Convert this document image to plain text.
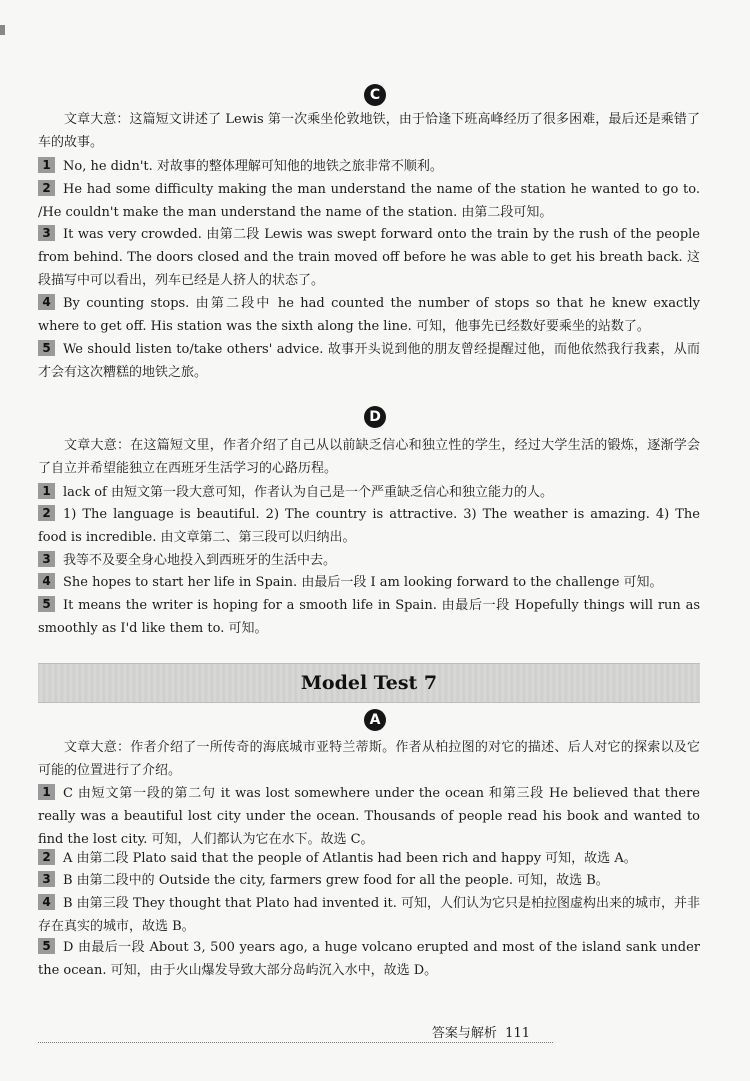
C
文章大意：这篇短文讲述了 Lewis 第一次乘坐伦敦地铁，由于恰逢下班高峰经历了很多困难，最后还是乘错了车的故事。
1 No, he didn't. 对故事的整体理解可知他的地铁之旅非常不顺利。
2 He had some difficulty making the man understand the name of the station he wanted to go to. /He couldn't make the man understand the name of the station. 由第二段可知。
3 It was very crowded. 由第二段 Lewis was swept forward onto the train by the rush of the people from behind. The doors closed and the train moved off before he was able to get his breath back. 这段描写中可以看出，列车已经是人挤人的状态了。
4 By counting stops. 由第二段中 he had counted the number of stops so that he knew exactly where to get off. His station was the sixth along the line. 可知，他事先已经数好要乘坐的站数了。
5 We should listen to/take others' advice. 故事开头说到他的朋友曾经提醒过他，而他依然我行我素，从而才会有这次糟糕的地铁之旅。
D
文章大意：在这篇短文里，作者介绍了自己从以前缺乏信心和独立性的学生，经过大学生活的锻炼，逐渐学会了自立并希望能独立在西班牙生活学习的心路历程。
1 lack of 由短文第一段大意可知，作者认为自己是一个严重缺乏信心和独立能力的人。
2 1) The language is beautiful. 2) The country is attractive. 3) The weather is amazing. 4) The food is incredible. 由文章第二、第三段可以归纳出。
3 我等不及要全身心地投入到西班牙的生活中去。
4 She hopes to start her life in Spain. 由最后一段 I am looking forward to the challenge 可知。
5 It means the writer is hoping for a smooth life in Spain. 由最后一段 Hopefully things will run as smoothly as I'd like them to. 可知。
Model Test 7
A
文章大意：作者介绍了一所传奇的海底城市亚特兰蒂斯。作者从柏拉图的对它的描述、后人对它的探索以及它可能的位置进行了介绍。
1 C 由短文第一段的第二句 it was lost somewhere under the ocean 和第三段 He believed that there really was a beautiful lost city under the ocean. Thousands of people read his book and wanted to find the lost city. 可知，人们都认为它在水下。故选 C。
2 A 由第二段 Plato said that the people of Atlantis had been rich and happy 可知，故选 A。
3 B 由第二段中的 Outside the city, farmers grew food for all the people. 可知，故选 B。
4 B 由第三段 They thought that Plato had invented it. 可知，人们认为它只是柏拉图虚构出来的城市，并非存在真实的城市，故选 B。
5 D 由最后一段 About 3, 500 years ago, a huge volcano erupted and most of the island sank under the ocean. 可知，由于火山爆发导致大部分岛屿沉入水中，故选 D。
答案与解析 111
